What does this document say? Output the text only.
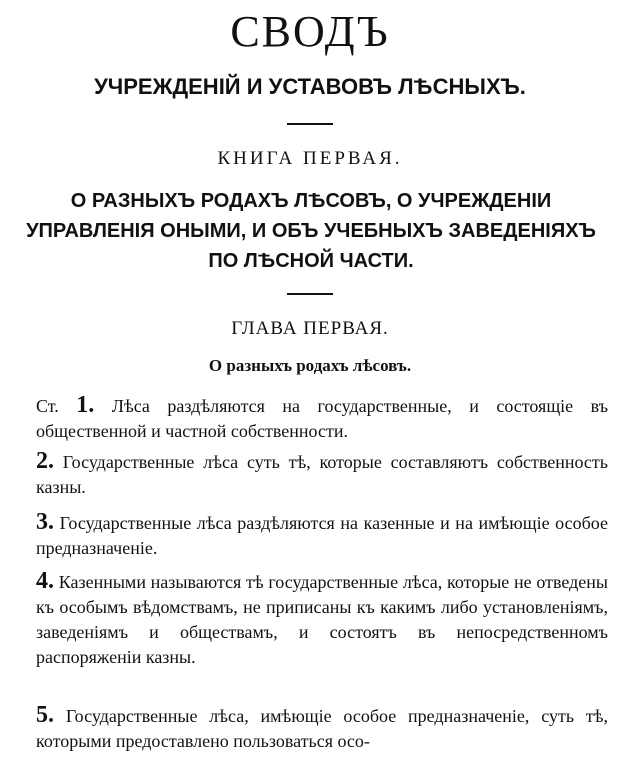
СВОДЪ
УЧРЕЖДЕНІЙ И УСТАВОВЪ ЛѢСНЫХЪ.
КНИГА ПЕРВАЯ.
О РАЗНЫХЪ РОДАХЪ ЛѢСОВЪ, О УЧРЕЖДЕНІИ УПРАВЛЕНІЯ ОНЫМИ, И ОБЪ УЧЕБНЫХЪ ЗАВЕДЕНІЯХЪ ПО ЛѢСНОЙ ЧАСТИ.
ГЛАВА ПЕРВАЯ.
О разныхъ родахъ лѣсовъ.

Ст. 1. Лѣса раздѣляются на государственные, и состоящіе въ общественной и частной собственности.

2. Государственные лѣса суть тѣ, которые составляютъ собственность казны.

3. Государственные лѣса раздѣляются на казенные и на имѣющіе особое предназначеніе.

4. Казенными называются тѣ государственные лѣса, которые не отведены къ особымъ вѣдомствамъ, не приписаны къ какимъ либо установленіямъ, заведеніямъ и обществамъ, и состоятъ въ непосредственномъ распоряженіи казны.

5. Государственные лѣса, имѣющіе особое предназначеніе, суть тѣ, которыми предоставлено пользоваться осо-
